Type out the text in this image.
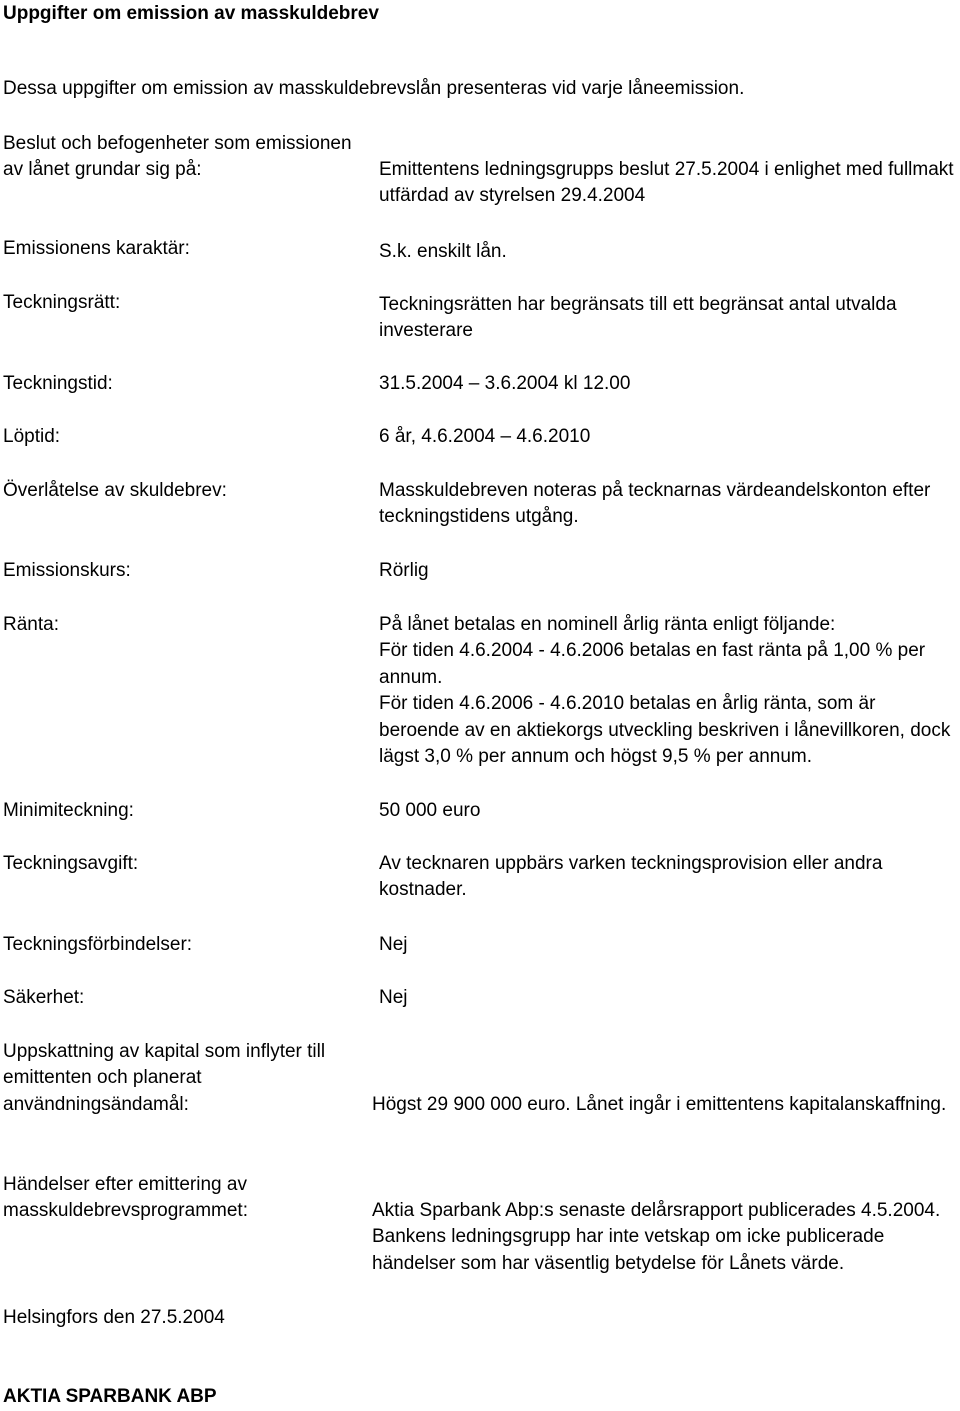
Uppgifter om emission av masskuldebrev
Dessa uppgifter om emission av masskuldebrevslån presenteras vid varje låneemission.
Beslut och befogenheter som emissionen
av lånet grundar sig på:	Emittentens ledningsgrupps beslut 27.5.2004 i enlighet med fullmakt
utfärdad av styrelsen 29.4.2004
Emissionens karaktär:	S.k. enskilt lån.
Teckningsrätt:	Teckningsrätten har begränsats till ett begränsat antal utvalda
investerare
Teckningstid:	31.5.2004 – 3.6.2004 kl 12.00
Löptid:	6 år, 4.6.2004 – 4.6.2010
Överlåtelse av skuldebrev:	Masskuldebreven noteras på tecknarnas värdeandelskonton efter
teckningstidens utgång.
Emissionskurs:	Rörlig
Ränta:	På lånet betalas en nominell årlig ränta enligt följande:
För tiden 4.6.2004 - 4.6.2006 betalas en fast ränta på 1,00 % per
annum.
För tiden 4.6.2006 - 4.6.2010 betalas en årlig ränta, som är
beroende av en aktiekorgs utveckling beskriven i lånevillkoren, dock
lägst 3,0 % per annum och högst 9,5 % per annum.
Minimiteckning:	50 000 euro
Teckningsavgift:	Av tecknaren uppbärs varken teckningsprovision eller andra
kostnader.
Teckningsförbindelser:	Nej
Säkerhet:	Nej
Uppskattning av kapital som inflyter till
emittenten och planerat
användningsändamål:	Högst 29 900 000 euro. Lånet ingår i emittentens kapitalanskaffning.
Händelser efter emittering av
masskuldebrevsprogrammet:	Aktia Sparbank Abp:s senaste delårsrapport publicerades 4.5.2004.
Bankens ledningsgrupp har inte vetskap om icke publicerade
händelser som har väsentlig betydelse för Lånets värde.
Helsingfors den 27.5.2004
AKTIA SPARBANK ABP
